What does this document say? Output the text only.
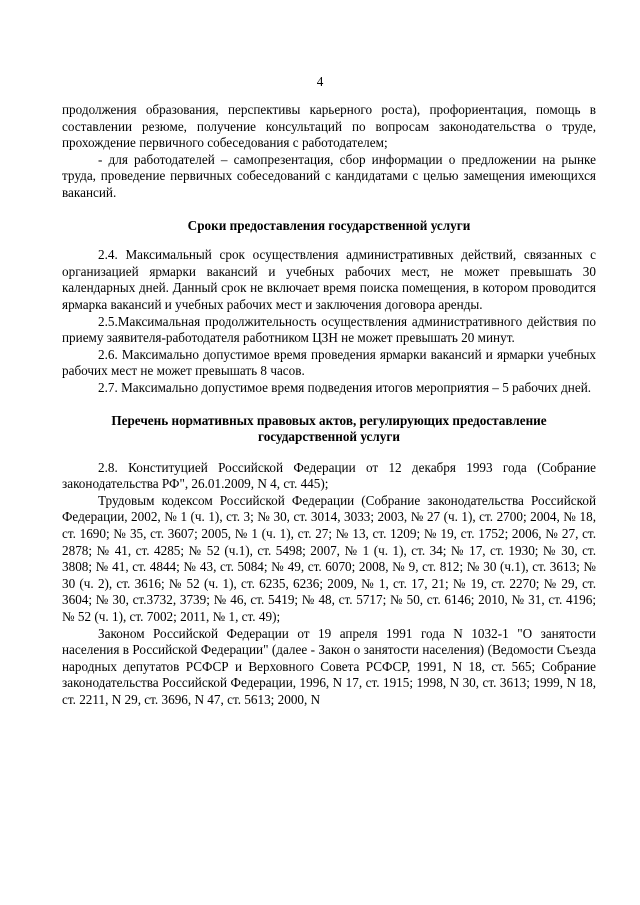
4

продолжения образования, перспективы карьерного роста), профориентация, помощь в составлении резюме, получение консультаций по вопросам законодательства о труде, прохождение первичного собеседования с работодателем;

- для работодателей – самопрезентация, сбор информации о предложении на рынке труда, проведение первичных собеседований с кандидатами с целью замещения имеющихся вакансий.

Сроки предоставления государственной услуги

2.4. Максимальный срок осуществления административных действий, связанных с организацией ярмарки вакансий и учебных рабочих мест, не может превышать 30 календарных дней. Данный срок не включает время поиска помещения, в котором проводится ярмарка вакансий и учебных рабочих мест и заключения договора аренды.

2.5.Максимальная продолжительность осуществления административного действия по приему заявителя-работодателя работником ЦЗН не может превышать 20 минут.

2.6. Максимально допустимое время проведения ярмарки вакансий и ярмарки учебных рабочих мест не может превышать 8 часов.

2.7. Максимально допустимое время подведения итогов мероприятия – 5 рабочих дней.

Перечень нормативных правовых актов, регулирующих предоставление государственной услуги

2.8. Конституцией Российской Федерации от 12 декабря 1993 года (Собрание законодательства РФ", 26.01.2009, N 4, ст. 445);

Трудовым кодексом Российской Федерации (Собрание законодательства Российской Федерации, 2002, № 1 (ч. 1), ст. 3; № 30, ст. 3014, 3033; 2003, № 27 (ч. 1), ст. 2700; 2004, № 18, ст. 1690; № 35, ст. 3607; 2005, № 1 (ч. 1), ст. 27; № 13, ст. 1209; № 19, ст. 1752; 2006, № 27, ст. 2878; № 41, ст. 4285; № 52 (ч.1), ст. 5498; 2007, № 1 (ч. 1), ст. 34; № 17, ст. 1930; № 30, ст. 3808; № 41, ст. 4844; № 43, ст. 5084; № 49, ст. 6070; 2008, № 9, ст. 812; № 30 (ч.1), ст. 3613; № 30 (ч. 2), ст. 3616; № 52 (ч. 1), ст. 6235, 6236; 2009, № 1, ст. 17, 21; № 19, ст. 2270; № 29, ст. 3604; № 30, ст.3732, 3739; № 46, ст. 5419; № 48, ст. 5717; № 50, ст. 6146; 2010, № 31, ст. 4196; № 52 (ч. 1), ст. 7002; 2011, № 1, ст. 49);

Законом Российской Федерации от 19 апреля 1991 года N 1032-1 "О занятости населения в Российской Федерации" (далее - Закон о занятости населения) (Ведомости Съезда народных депутатов РСФСР и Верховного Совета РСФСР, 1991, N 18, ст. 565; Собрание законодательства Российской Федерации, 1996, N 17, ст. 1915; 1998, N 30, ст. 3613; 1999, N 18, ст. 2211, N 29, ст. 3696, N 47, ст. 5613; 2000, N
